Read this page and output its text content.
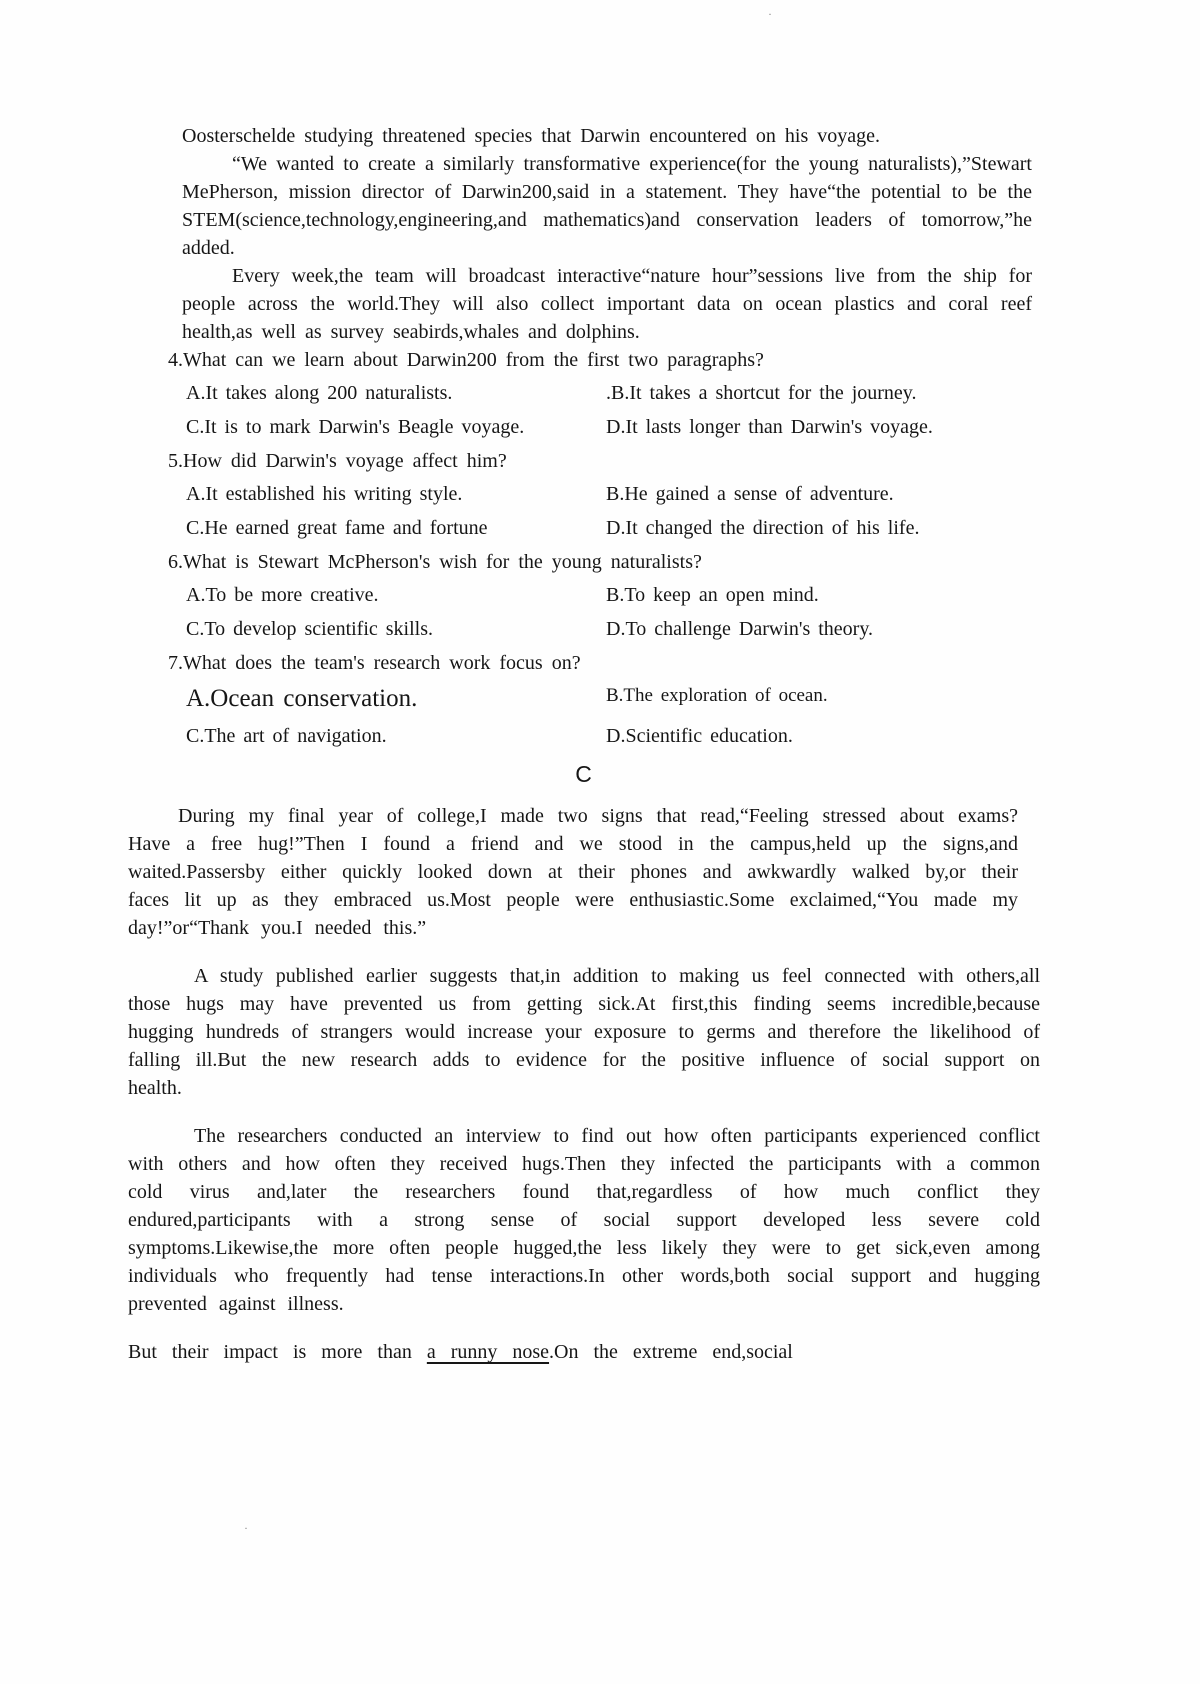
·

Oosterschelde studying threatened species that Darwin encountered on his voyage.

“We wanted to create a similarly transformative experience(for the young naturalists),”Stewart MePherson, mission director of Darwin200,said in a statement. They have“the potential to be the STEM(science,technology,engineering,and mathematics)and conservation leaders of tomorrow,”he added.

Every week,the team will broadcast interactive“nature hour”sessions live from the ship for people across the world.They will also collect important data on ocean plastics and coral reef health,as well as survey seabirds,whales and dolphins.

4.What can we learn about Darwin200 from the first two paragraphs?
A.It takes along 200 naturalists.	.B.It takes a shortcut for the journey.
C.It is to mark Darwin's Beagle voyage.	D.It lasts longer than Darwin's voyage.
5.How did Darwin's voyage affect him?
A.It established his writing style.	B.He gained a sense of adventure.
C.He earned great fame and fortune	D.It changed the direction of his life.
6.What is Stewart McPherson's wish for the young naturalists?
A.To be more creative.	B.To keep an open mind.
C.To develop scientific skills.	D.To challenge Darwin's theory.
7.What does the team's research work focus on?
A.Ocean conservation.	B.The exploration of ocean.
C.The art of navigation.	D.Scientific education.
C

During my final year of college,I made two signs that read,“Feeling stressed about exams?Have a free hug!”Then I found a friend and we stood in the campus,held up the signs,and waited.Passersby either quickly looked down at their phones and awkwardly walked by,or their faces lit up as they embraced us.Most people were enthusiastic.Some exclaimed,“You made my day!”or“Thank you.I needed this.”

A study published earlier suggests that,in addition to making us feel connected with others,all those hugs may have prevented us from getting sick.At first,this finding seems incredible,because hugging hundreds of strangers would increase your exposure to germs and therefore the likelihood of falling ill.But the new research adds to evidence for the positive influence of social support on health.

The researchers conducted an interview to find out how often participants experienced conflict with others and how often they received hugs.Then they infected the participants with a common cold virus and,later the researchers found that,regardless of how much conflict they endured,participants with a strong sense of social support developed less severe cold symptoms.Likewise,the more often people hugged,the less likely they were to get sick,even among individuals who frequently had tense interactions.In other words,both social support and hugging prevented against illness.

But their impact is more than a runny nose.On the extreme end,social

·
